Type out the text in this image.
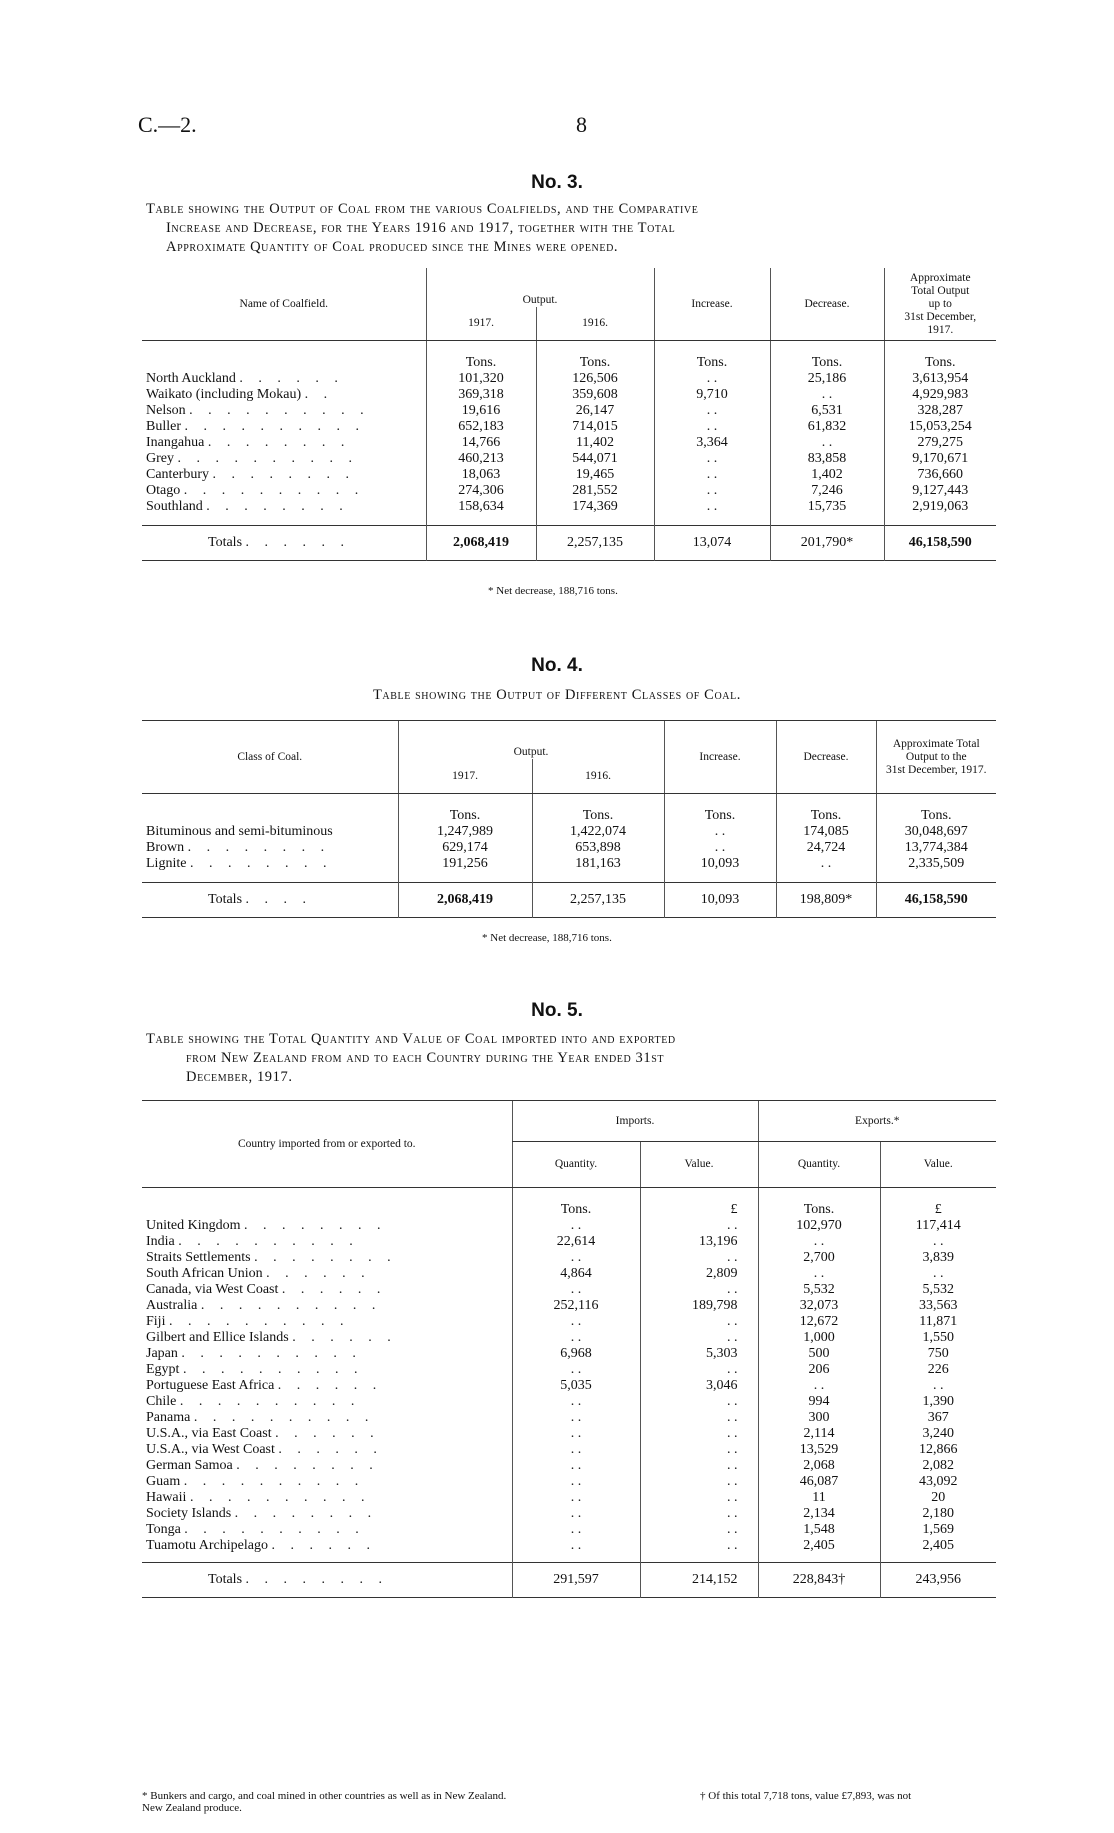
C.—2.	8
No. 3.
Table showing the Output of Coal from the various Coalfields, and the Comparative
Increase and Decrease, for the Years 1916 and 1917, together with the Total
Approximate Quantity of Coal produced since the Mines were opened.
Name of Coalfield.	Output.		Increase.	Decrease.	Approximate
Total Output
up to
31st December,
1917.

	1917.	1916.			
	Tons.	Tons.	Tons.	Tons.	Tons.
North Auckland . . . . . .	101,320	126,506	. .	25,186	3,613,954
Waikato (including Mokau) . .	369,318	359,608	9,710	. .	4,929,983
Nelson . . . . . . . . . .	19,616	26,147	. .	6,531	328,287
Buller . . . . . . . . . .	652,183	714,015	. .	61,832	15,053,254
Inangahua . . . . . . . .	14,766	11,402	3,364	. .	279,275
Grey . . . . . . . . . .	460,213	544,071	. .	83,858	9,170,671
Canterbury . . . . . . . .	18,063	19,465	. .	1,402	736,660
Otago . . . . . . . . . .	274,306	281,552	. .	7,246	9,127,443
Southland . . . . . . . .	158,634	174,369	. .	15,735	2,919,063

Totals . . . . . .	2,068,419	2,257,135	13,074	201,790*	46,158,590

* Net decrease, 188,716 tons.
No. 4.
Table showing the Output of Different Classes of Coal.
Class of Coal.	Output.		Increase.	Decrease.	Approximate Total
Output to the
31st December, 1917.

	1917.	1916.			
	Tons.	Tons.	Tons.	Tons.	Tons.
Bituminous and semi-bituminous	1,247,989	1,422,074	. .	174,085	30,048,697
Brown . . . . . . . .	629,174	653,898	. .	24,724	13,774,384
Lignite . . . . . . . .	191,256	181,163	10,093	. .	2,335,509

Totals . . . .	2,068,419	2,257,135	10,093	198,809*	46,158,590

* Net decrease, 188,716 tons.
No. 5.
Table showing the Total Quantity and Value of Coal imported into and exported
from New Zealand from and to each Country during the Year ended 31st
December, 1917.
Country imported from or exported to.	Imports.		Exports.*	
	Quantity.	Value.	Quantity.	Value.
	Tons.	£	Tons.	£
United Kingdom . . . . . . . .	. .	. .	102,970	117,414
India . . . . . . . . . .	22,614	13,196	. .	. .
Straits Settlements . . . . . . . .	. .	. .	2,700	3,839
South African Union . . . . . .	4,864	2,809	. .	. .
Canada, via West Coast . . . . . .	. .	. .	5,532	5,532
Australia . . . . . . . . . .	252,116	189,798	32,073	33,563
Fiji . . . . . . . . . .	. .	. .	12,672	11,871
Gilbert and Ellice Islands . . . . . .	. .	. .	1,000	1,550
Japan . . . . . . . . . .	6,968	5,303	500	750
Egypt . . . . . . . . . .	. .	. .	206	226
Portuguese East Africa . . . . . .	5,035	3,046	. .	. .
Chile . . . . . . . . . .	. .	. .	994	1,390
Panama . . . . . . . . . .	. .	. .	300	367
U.S.A., via East Coast . . . . . .	. .	. .	2,114	3,240
U.S.A., via West Coast . . . . . .	. .	. .	13,529	12,866
German Samoa . . . . . . . .	. .	. .	2,068	2,082
Guam . . . . . . . . . .	. .	. .	46,087	43,092
Hawaii . . . . . . . . . .	. .	. .	11	20
Society Islands . . . . . . . .	. .	. .	2,134	2,180
Tonga . . . . . . . . . .	. .	. .	1,548	1,569
Tuamotu Archipelago . . . . . .	. .	. .	2,405	2,405

Totals . . . . . . . .	291,597	214,152	228,843†	243,956

* Bunkers and cargo, and coal mined in other countries as well as in New Zealand.
New Zealand produce.
† Of this total 7,718 tons, value £7,893, was not
